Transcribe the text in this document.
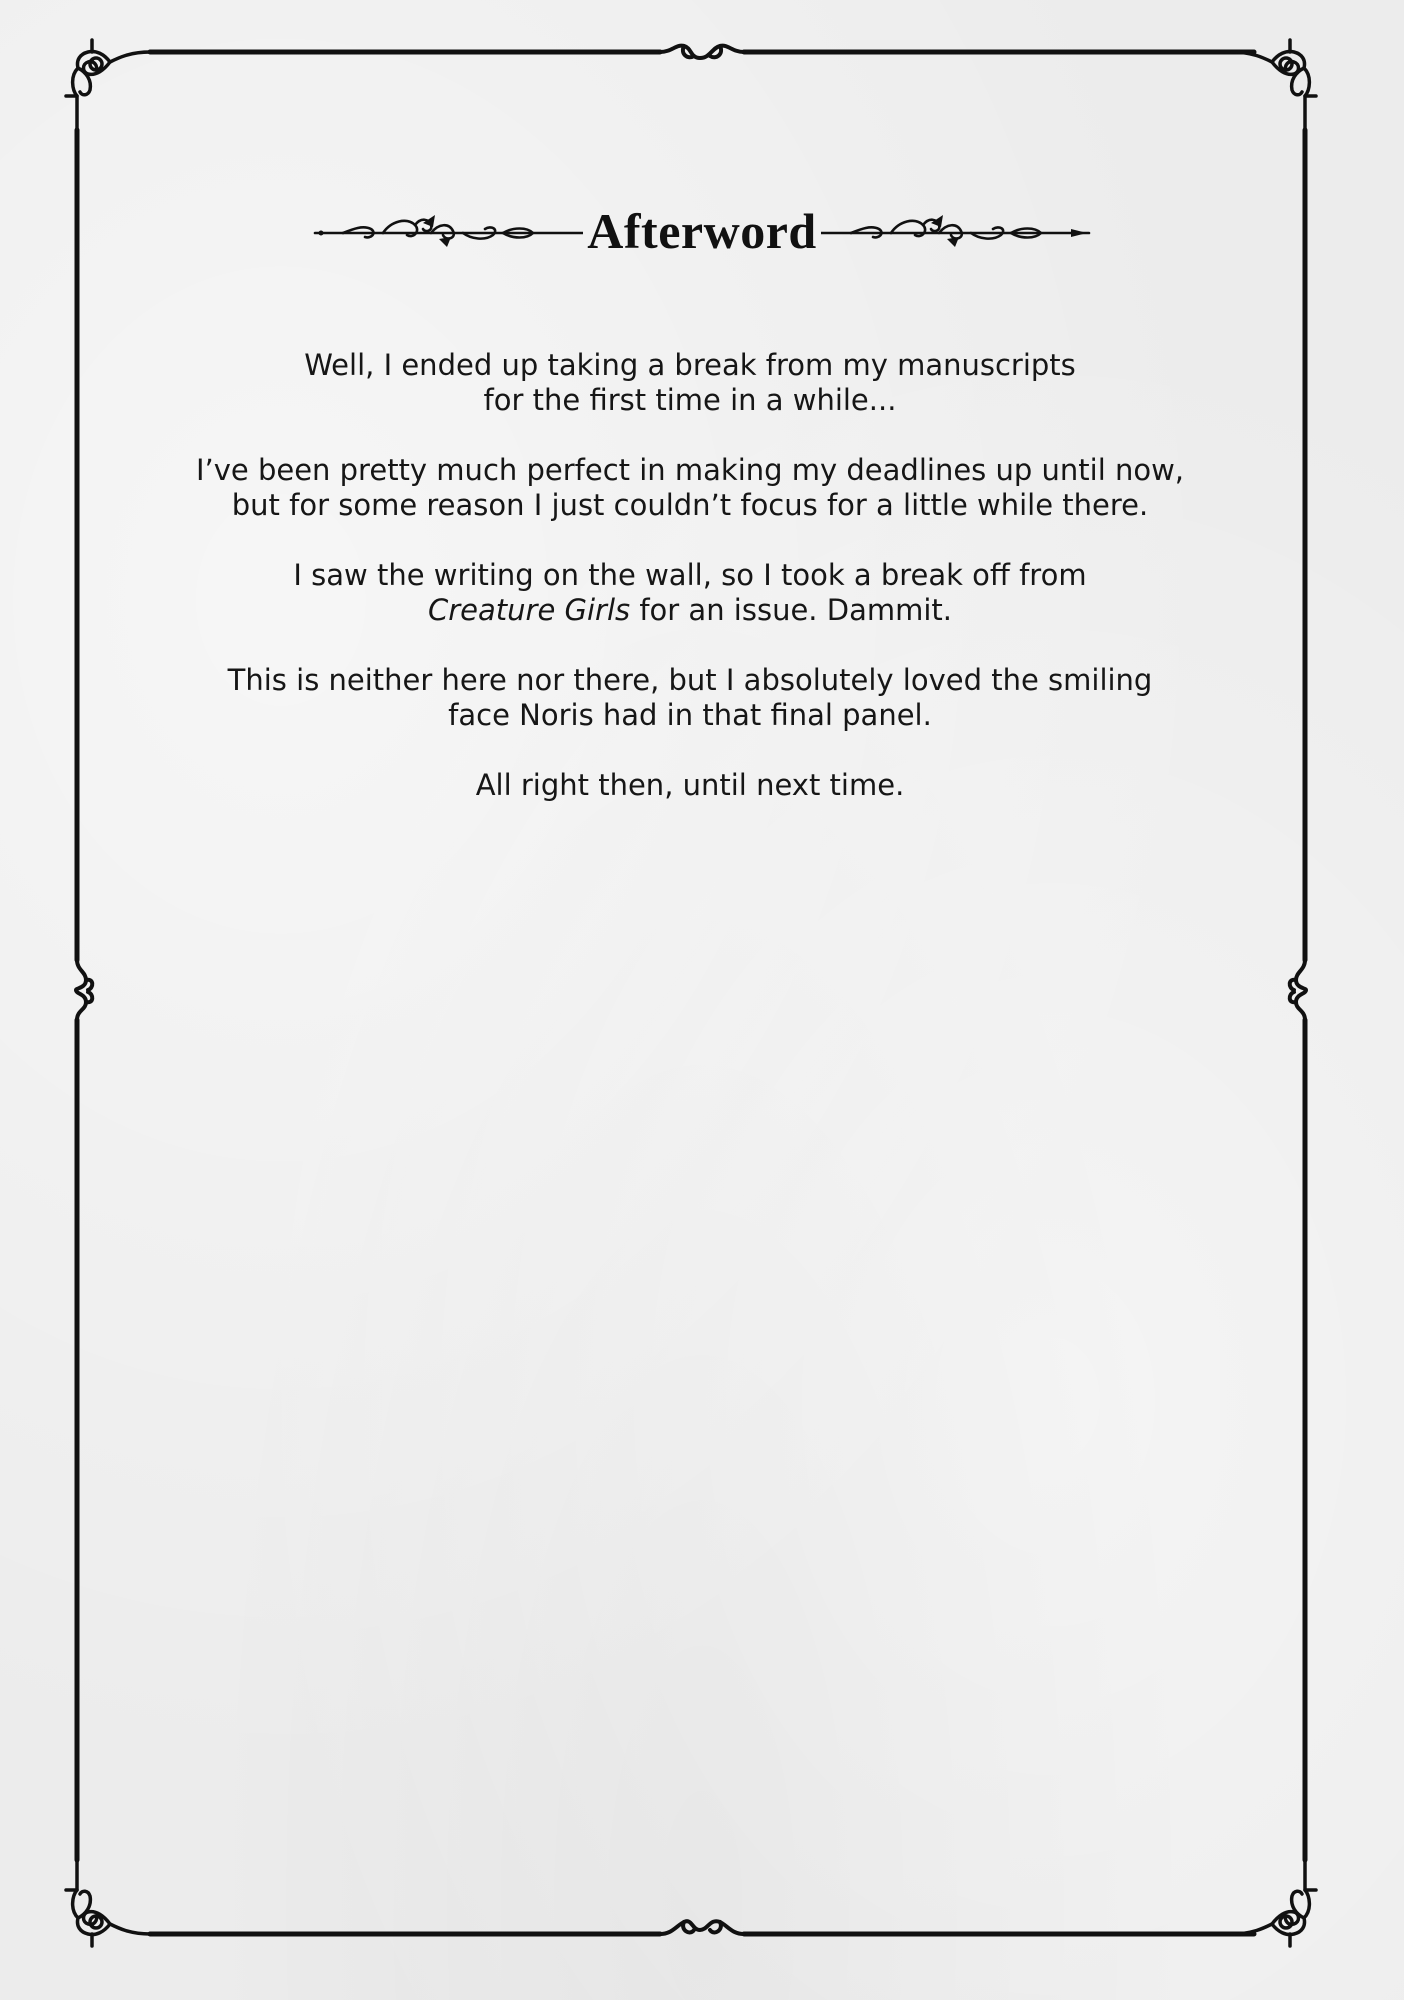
Afterword

Well, I ended up taking a break from my manuscripts
for the first time in a while...

I’ve been pretty much perfect in making my deadlines up until now,
but for some reason I just couldn’t focus for a little while there.

I saw the writing on the wall, so I took a break off from
Creature Girls for an issue. Dammit.

This is neither here nor there, but I absolutely loved the smiling
face Noris had in that final panel.

All right then, until next time.
